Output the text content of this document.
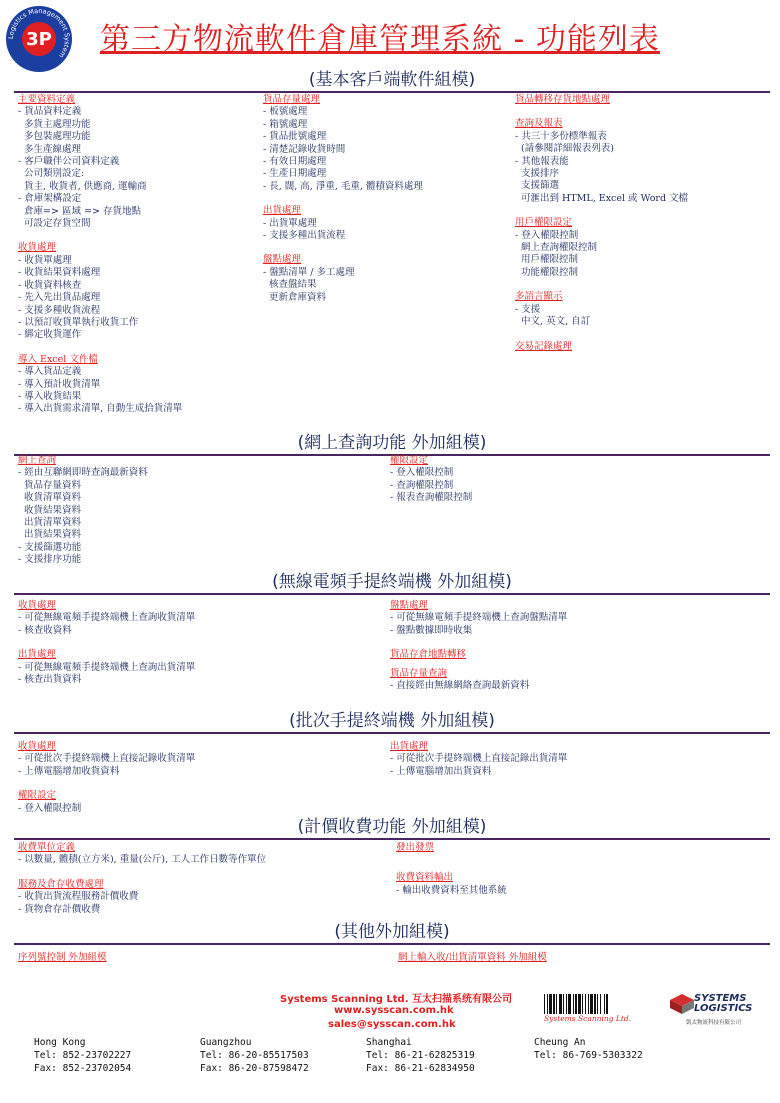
Logistics Management System
3P 第三方物流軟件倉庫管理系統 - 功能列表
(基本客戶端軟件組模)
主要資料定義
- 貨品資料定義
多貨主處理功能
多包裝處理功能
多生產線處理
- 客戶職伴公司資料定義
公司類別設定:
貨主, 收貨者, 供應商, 運輸商
- 倉庫架構設定
倉庫=> 區域 => 存貨地點
可設定存貨空間
收貨處理
- 收貨單處理
- 收貨結果資料處理
- 收貨資料核查
- 先入先出貨品處理
- 支援多種收貨流程
- 以預訂收貨單執行收貨工作
- 綁定收貨運作
導入 Excel 文件檔
- 導入貨品定義
- 導入預計收貨清單
- 導入收貨結果
- 導入出貨需求清單, 自動生成拾貨清單
貨品存量處理
- 板號處理
- 箱號處理
- 貨品批號處理
- 清楚記錄收貨時間
- 有效日期處理
- 生產日期處理
- 長, 闊, 高, 淨重, 毛重, 體積資料處理
出貨處理
- 出貨單處理
- 支援多種出貨流程
盤點處理
- 盤點清單 / 多工處理
核查盤結果
更新倉庫資料
貨品轉移存貨地點處理
查詢及報表
- 共三十多份標準報表
(請參閱詳細報表列表)
- 其他報表能
支援排序
支援篩選
可滙出到 HTML, Excel 或 Word 文檔
用戶權限設定
- 登入權限控制
網上查詢權限控制
用戶權限控制
功能權限控制
多語言顯示
- 支援
中文, 英文, 自訂
交易記錄處理
(網上查詢功能 外加組模)
網上查詢
- 經由互聯網即時查詢最新資料
貨品存量資料
收貨清單資料
收貨結果資料
出貨清單資料
出貨結果資料
- 支援篩選功能
- 支援排序功能
權限設定
- 登入權限控制
- 查詢權限控制
- 報表查詢權限控制
(無線電頻手提終端機 外加組模)
收貨處理
- 可從無線電頻手提終端機上查詢收貨清單
- 核查收資料
出貨處理
- 可從無線電頻手提終端機上查詢出貨清單
- 核查出貨資料
盤點處理
- 可從無線電頻手提終端機上查詢盤點清單
- 盤點數據即時收集
貨品存倉地點轉移
貨品存量查詢
- 直接經由無線網絡查詢最新資料
(批次手提終端機 外加組模)
收貨處理
- 可從批次手提終端機上直接記錄收貨清單
- 上傳電腦增加收貨資料
權限設定
- 登入權限控制
出貨處理
- 可從批次手提終端機上直接記錄出貨清單
- 上傳電腦增加出貨資料
(計價收費功能 外加組模)
收費單位定義
- 以數量, 體積(立方米), 重量(公斤), 工人工作日數等作單位
服務及倉存收費處理
- 收貨出貨流程服務計價收費
- 貨物倉存計價收費
發出發票
收費資料輸出
- 輸出收費資料至其他系統
(其他外加組模)
序列號控制 外加組模	網上輸入收/出貨清單資料 外加組模
Systems Scanning Ltd. 互太扫描系统有限公司
www.sysscan.com.hk
sales@sysscan.com.hk
Systems Scanning Ltd.
SYSTEMS
LOGISTICS
凱太物流科技有限公司
Hong Kong
Tel: 852-23702227
Fax: 852-23702054
Guangzhou
Tel: 86-20-85517503
Fax: 86-20-87598472
Shanghai
Tel: 86-21-62825319
Fax: 86-21-62834950
Cheung An
Tel: 86-769-5303322
